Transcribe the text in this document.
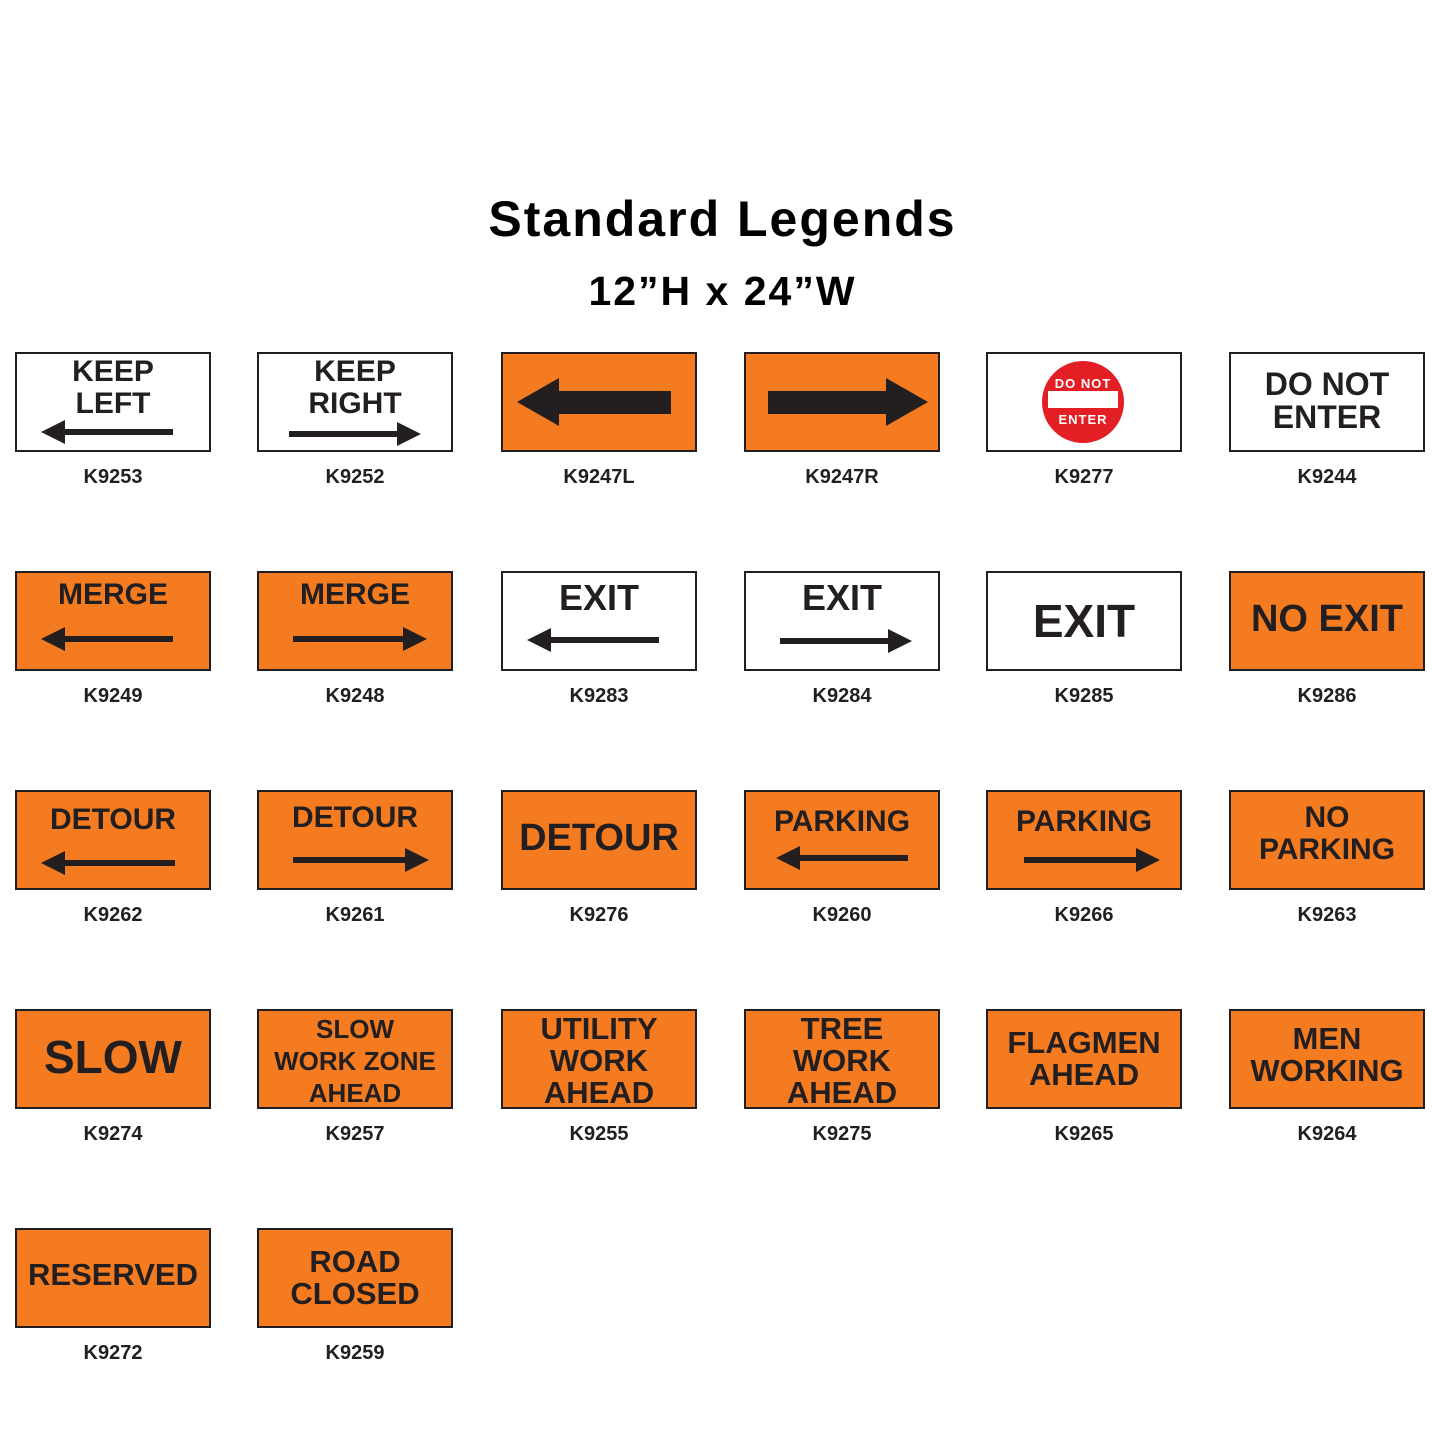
Standard Legends
12”H x 24”W
KEEP
LEFT
K9253
KEEP
RIGHT
K9252	K9247L	K9247R
DO NOT
ENTER
K9277
DO NOT
ENTER
K9244
MERGE
K9249
MERGE
K9248
EXIT
K9283
EXIT
K9284
EXIT
K9285
NO EXIT
K9286
DETOUR
K9262
DETOUR
K9261
DETOUR
K9276
PARKING
K9260
PARKING
K9266
NO
PARKING
K9263
SLOW
K9274
SLOW
WORK ZONE
AHEAD
K9257
UTILITY
WORK
AHEAD
K9255
TREE
WORK
AHEAD
K9275
FLAGMEN
AHEAD
K9265
MEN
WORKING
K9264
RESERVED
K9272
ROAD
CLOSED
K9259
